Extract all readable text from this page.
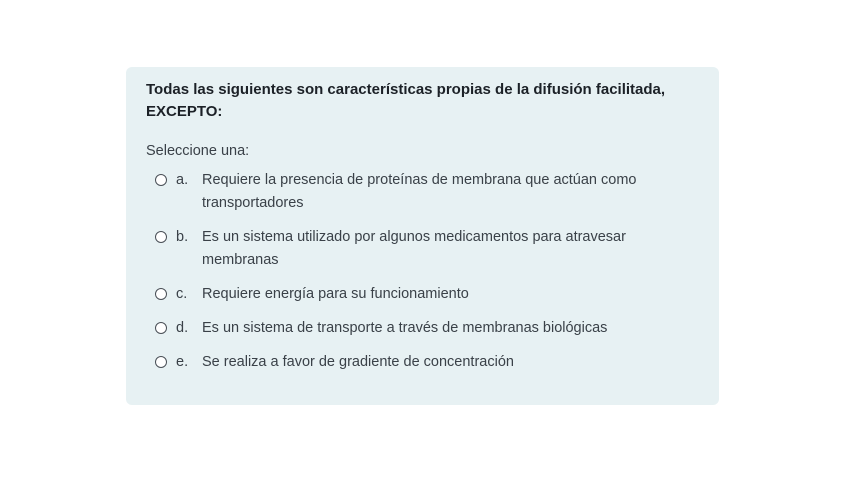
Todas las siguientes son características propias de la difusión facilitada, EXCEPTO:

Seleccione una:
a. Requiere la presencia de proteínas de membrana que actúan como transportadores
b. Es un sistema utilizado por algunos medicamentos para atravesar membranas
c.	Requiere energía para su funcionamiento
d. Es un sistema de transporte a través de membranas biológicas
e. Se realiza a favor de gradiente de concentración
